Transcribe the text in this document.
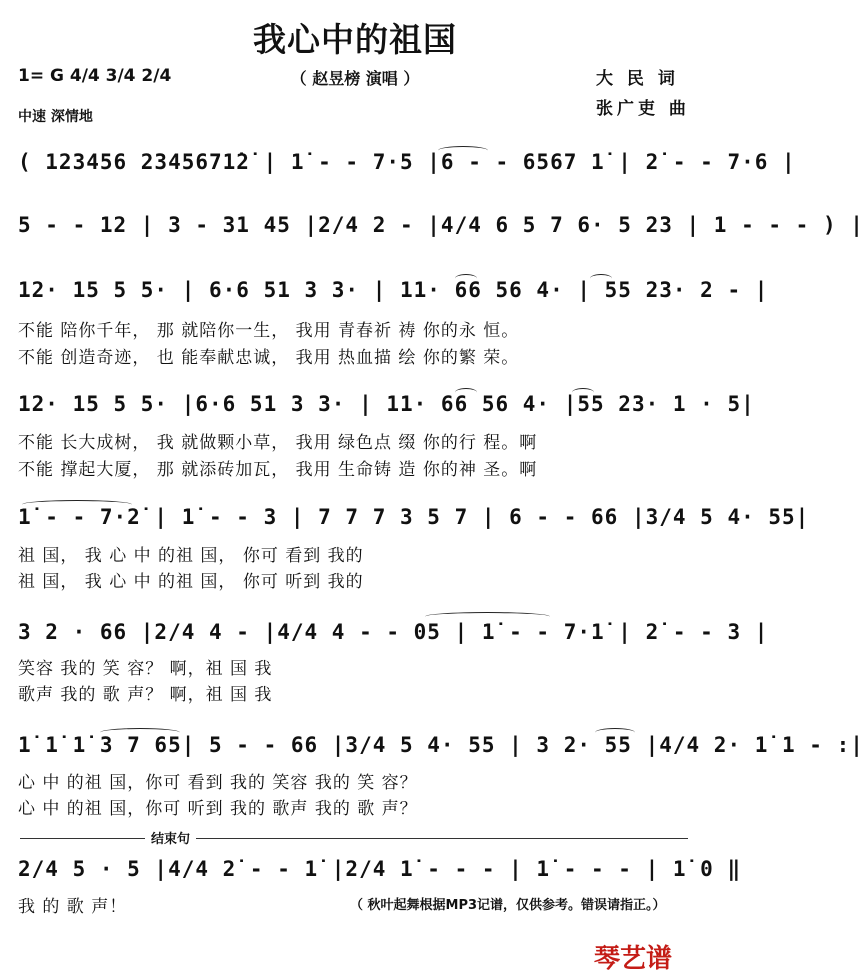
我心中的祖国
（ 赵昱榜 演唱 ）	大 民 词
张广吏 曲
1= G 4/4 3/4 2/4
中速 深情地
( 123456 2345671̇2̇ | 1̇ - - 7·5 |6 - - 6567 1̇ | 2̇ - - 7·6 |
5 - - 12 | 3 - 31 45 |2/4 2 - |4/4 6 5 7 6· 5 23 | 1 - - - ) |
12· 15 5 5· | 6·6 51 3 3· | 11· 66 56 4· | 55 23· 2 - |
不能 陪你千年， 那 就陪你一生， 我用 青春祈 祷 你的永 恒。
不能 创造奇迹， 也 能奉献忠诚， 我用 热血描 绘 你的繁 荣。
12· 15 5 5· |6·6 51 3 3· | 11· 66 56 4· |55 23· 1 · 5|
不能 长大成树， 我 就做颗小草， 我用 绿色点 缀 你的行 程。啊
不能 撑起大厦， 那 就添砖加瓦， 我用 生命铸 造 你的神 圣。啊
1̇ - - 7·2̇ | 1̇ - - 3 | 7 7 7 3 5 7 | 6 - - 66 |3/4 5 4· 55|
祖 国， 我 心 中 的祖 国， 你可 看到 我的
祖 国， 我 心 中 的祖 国， 你可 听到 我的
3 2 · 66 |2/4 4 - |4/4 4 - - 05 | 1̇ - - 7·1̇ | 2̇ - - 3 |
笑容 我的 笑 容？ 啊，祖 国 我
歌声 我的 歌 声？ 啊，祖 国 我
1̇ 1̇ 1̇ 3 7 65| 5 - - 66 |3/4 5 4· 55 | 3 2· 55 |4/4 2· 1̇ 1 - :|
心 中 的祖 国，你可 看到 我的 笑容 我的 笑 容？
心 中 的祖 国，你可 听到 我的 歌声 我的 歌 声？
结束句
2/4 5 · 5 |4/4 2̇ - - 1̇ |2/4 1̇ - - - | 1̇ - - - | 1̇ 0 ‖
我 的 歌 声！	（ 秋叶起舞根据MP3记谱，仅供参考。错误请指正。）
琴艺谱
